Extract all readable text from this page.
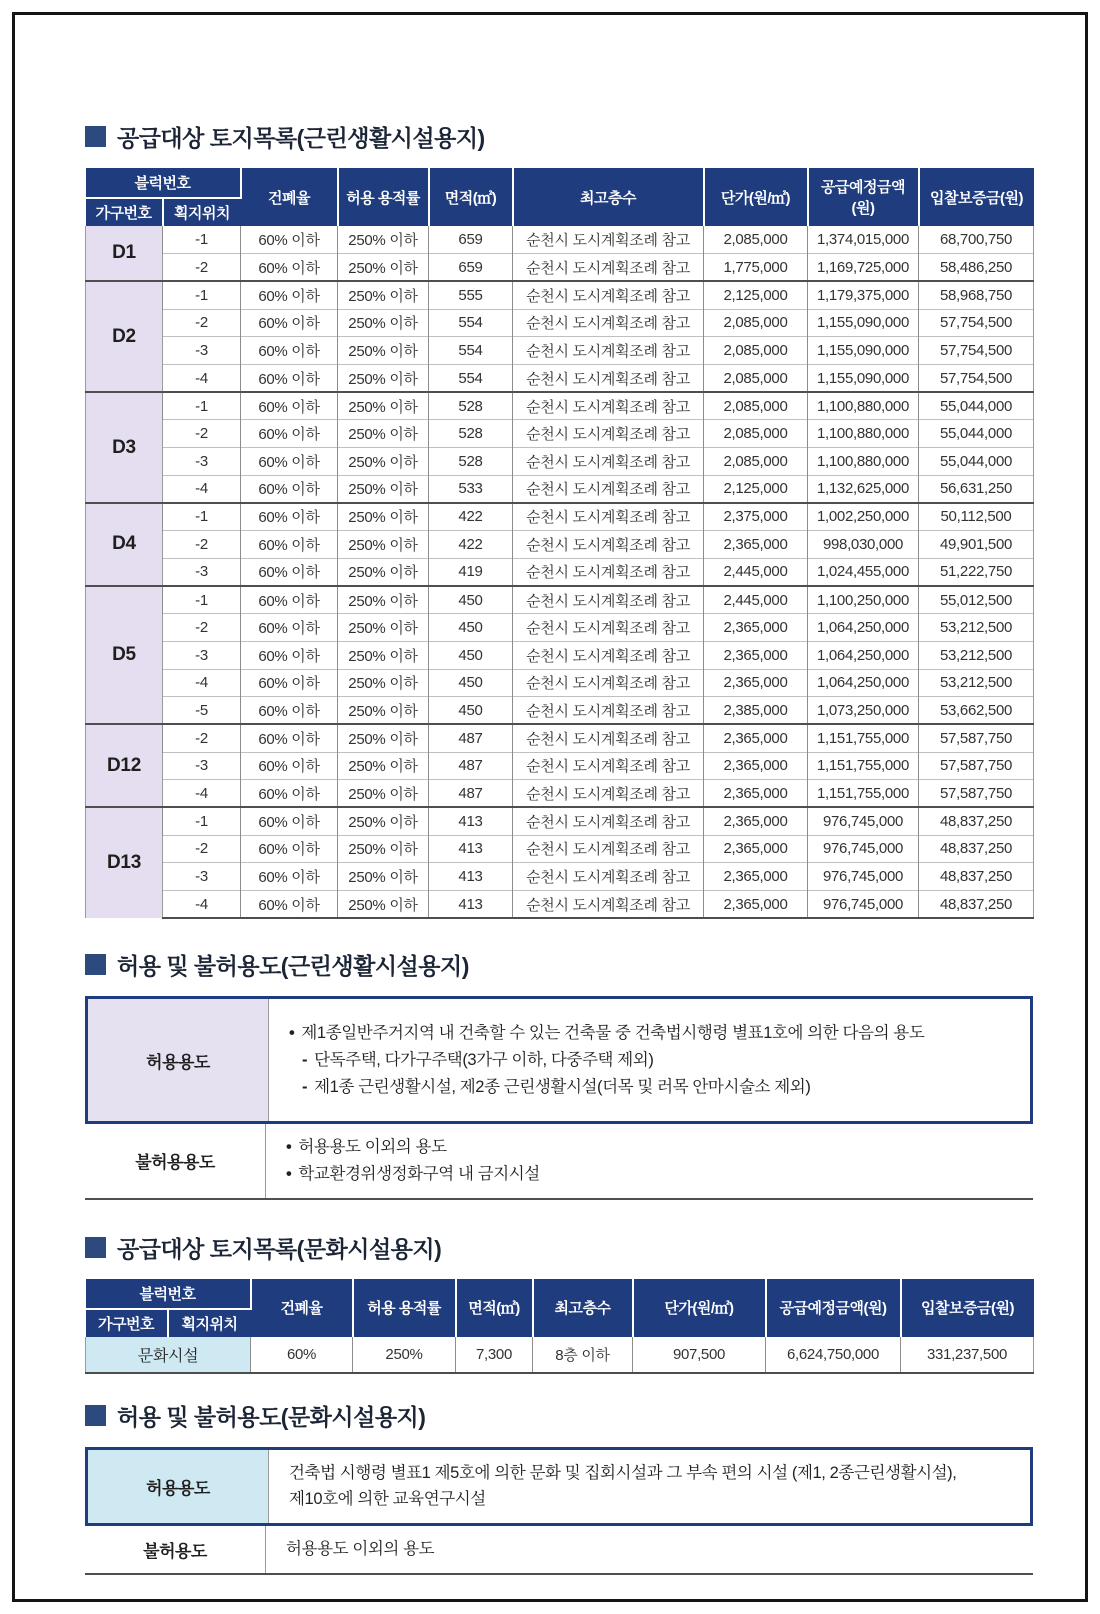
공급대상 토지목록(근린생활시설용지)
블럭번호		건폐율	허용 용적률	면적(㎡)	최고층수	단가(원/㎡)	공급예정금액(원)	입찰보증금(원)
가구번호	획지위치							
D1	-1	60% 이하	250% 이하	659	순천시 도시계획조례 참고	2,085,000	1,374,015,000	68,700,750
	-2	60% 이하	250% 이하	659	순천시 도시계획조례 참고	1,775,000	1,169,725,000	58,486,250
D2	-1	60% 이하	250% 이하	555	순천시 도시계획조례 참고	2,125,000	1,179,375,000	58,968,750
	-2	60% 이하	250% 이하	554	순천시 도시계획조례 참고	2,085,000	1,155,090,000	57,754,500
	-3	60% 이하	250% 이하	554	순천시 도시계획조례 참고	2,085,000	1,155,090,000	57,754,500
	-4	60% 이하	250% 이하	554	순천시 도시계획조례 참고	2,085,000	1,155,090,000	57,754,500
D3	-1	60% 이하	250% 이하	528	순천시 도시계획조례 참고	2,085,000	1,100,880,000	55,044,000
	-2	60% 이하	250% 이하	528	순천시 도시계획조례 참고	2,085,000	1,100,880,000	55,044,000
	-3	60% 이하	250% 이하	528	순천시 도시계획조례 참고	2,085,000	1,100,880,000	55,044,000
	-4	60% 이하	250% 이하	533	순천시 도시계획조례 참고	2,125,000	1,132,625,000	56,631,250
D4	-1	60% 이하	250% 이하	422	순천시 도시계획조례 참고	2,375,000	1,002,250,000	50,112,500
	-2	60% 이하	250% 이하	422	순천시 도시계획조례 참고	2,365,000	998,030,000	49,901,500
	-3	60% 이하	250% 이하	419	순천시 도시계획조례 참고	2,445,000	1,024,455,000	51,222,750
D5	-1	60% 이하	250% 이하	450	순천시 도시계획조례 참고	2,445,000	1,100,250,000	55,012,500
	-2	60% 이하	250% 이하	450	순천시 도시계획조례 참고	2,365,000	1,064,250,000	53,212,500
	-3	60% 이하	250% 이하	450	순천시 도시계획조례 참고	2,365,000	1,064,250,000	53,212,500
	-4	60% 이하	250% 이하	450	순천시 도시계획조례 참고	2,365,000	1,064,250,000	53,212,500
	-5	60% 이하	250% 이하	450	순천시 도시계획조례 참고	2,385,000	1,073,250,000	53,662,500
D12	-2	60% 이하	250% 이하	487	순천시 도시계획조례 참고	2,365,000	1,151,755,000	57,587,750
	-3	60% 이하	250% 이하	487	순천시 도시계획조례 참고	2,365,000	1,151,755,000	57,587,750
	-4	60% 이하	250% 이하	487	순천시 도시계획조례 참고	2,365,000	1,151,755,000	57,587,750
D13	-1	60% 이하	250% 이하	413	순천시 도시계획조례 참고	2,365,000	976,745,000	48,837,250
	-2	60% 이하	250% 이하	413	순천시 도시계획조례 참고	2,365,000	976,745,000	48,837,250
	-3	60% 이하	250% 이하	413	순천시 도시계획조례 참고	2,365,000	976,745,000	48,837,250
	-4	60% 이하	250% 이하	413	순천시 도시계획조례 참고	2,365,000	976,745,000	48,837,250
허용 및 불허용도(근린생활시설용지)
허용용도
• 제1종일반주거지역 내 건축할 수 있는 건축물 중 건축법시행령 별표1호에 의한 다음의 용도
- 단독주택, 다가구주택(3가구 이하, 다중주택 제외)
- 제1종 근린생활시설, 제2종 근린생활시설(더목 및 러목 안마시술소 제외)
불허용용도
• 허용용도 이외의 용도
• 학교환경위생정화구역 내 금지시설
공급대상 토지목록(문화시설용지)
블럭번호		건폐율	허용 용적률	면적(㎡)	최고층수	단가(원/㎡)	공급예정금액(원)	입찰보증금(원)
가구번호	획지위치							
문화시설		60%	250%	7,300	8층 이하	907,500	6,624,750,000	331,237,500
허용 및 불허용도(문화시설용지)
허용용도
건축법 시행령 별표1 제5호에 의한 문화 및 집회시설과 그 부속 편의 시설 (제1, 2종근린생활시설),
제10호에 의한 교육연구시설
불허용도	허용용도 이외의 용도
